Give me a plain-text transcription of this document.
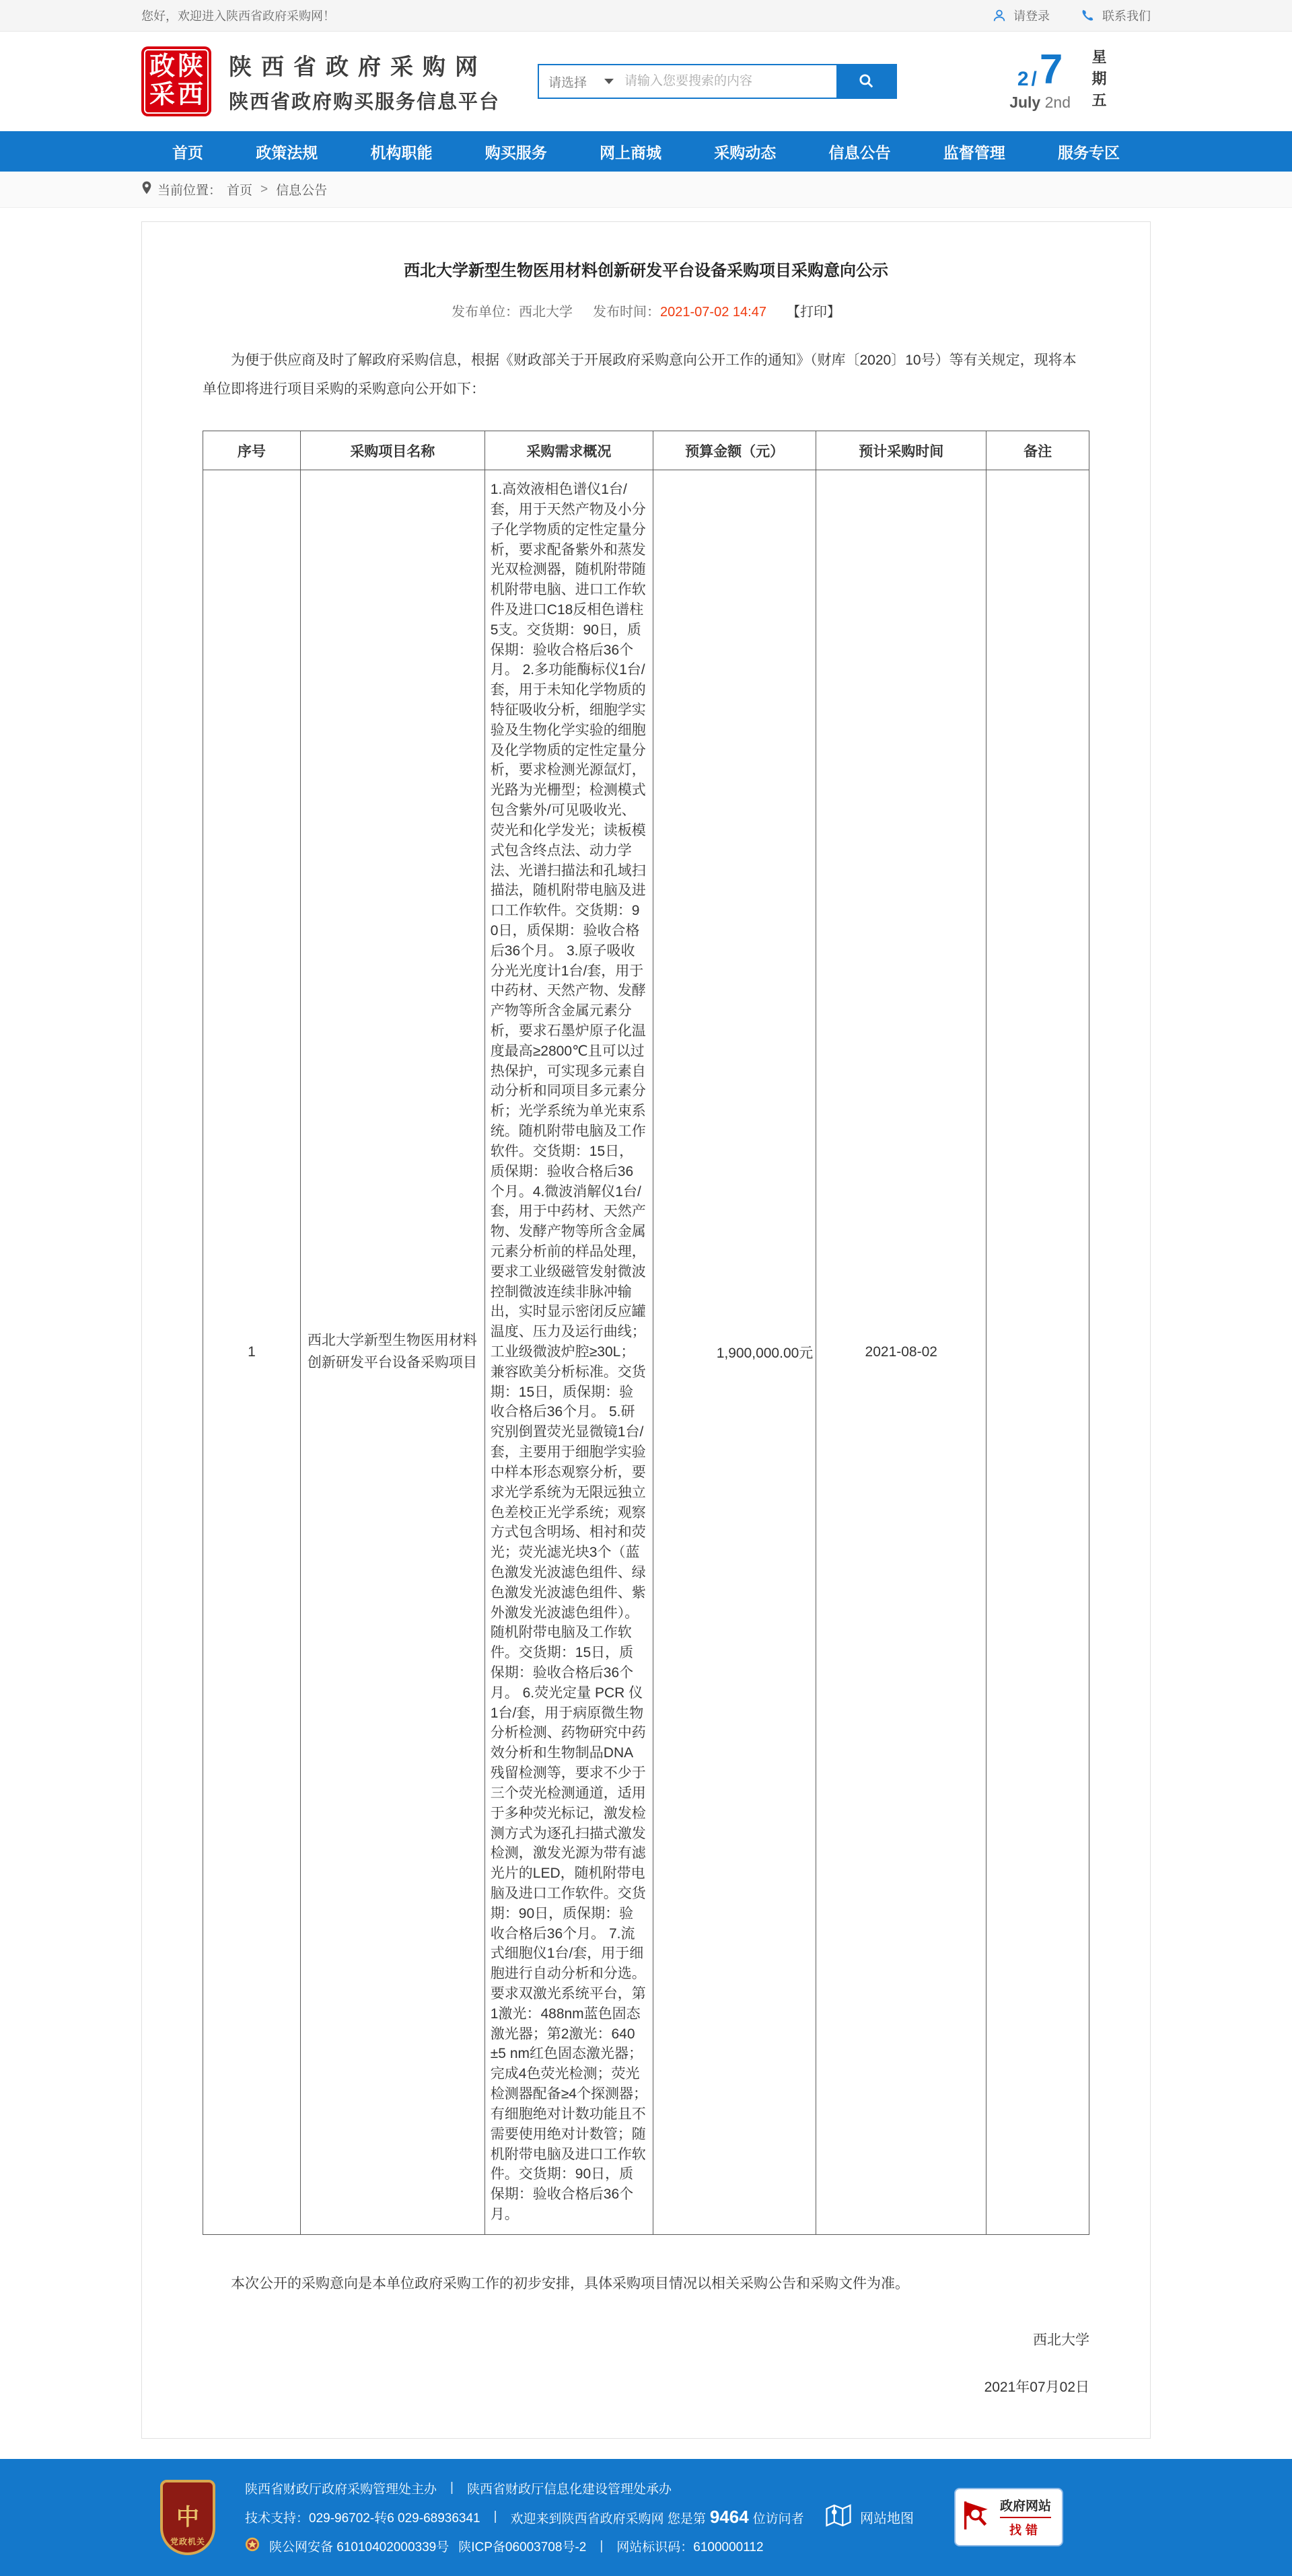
您好，欢迎进入陕西省政府采购网！	请登录	联系我们
政 陕
采 西
陕西省政府采购网
陕西省政府购买服务信息平台
请选择
请输入您要搜索的内容	2 / 7
July 2nd 星期五
首页	政策法规	机构职能	购买服务	网上商城	采购动态	信息公告	监督管理	服务专区
当前位置： 首页 > 信息公告
西北大学新型生物医用材料创新研发平台设备采购项目采购意向公示
发布单位：西北大学 发布时间：2021-07-02 14:47 【打印】

为便于供应商及时了解政府采购信息，根据《财政部关于开展政府采购意向公开工作的通知》（财库〔2020〕10号）等有关规定，现将本单位即将进行项目采购的采购意向公开如下：

序号	采购项目名称	采购需求概况	预算金额（元）	预计采购时间	备注
1	西北大学新型生物医用材料创新研发平台设备采购项目	1.高效液相色谱仪1台/套，用于天然产物及小分子化学物质的定性定量分析，要求配备紫外和蒸发光双检测器，随机附带随机附带电脑、进口工作软件及进口C18反相色谱柱5支。交货期：90日，质保期：验收合格后36个月。 2.多功能酶标仪1台/套，用于未知化学物质的特征吸收分析，细胞学实验及生物化学实验的细胞及化学物质的定性定量分析，要求检测光源氙灯，光路为光栅型；检测模式包含紫外/可见吸收光、荧光和化学发光；读板模式包含终点法、动力学法、光谱扫描法和孔域扫描法，随机附带电脑及进口工作软件。交货期：90日，质保期：验收合格后36个月。 3.原子吸收分光光度计1台/套，用于中药材、天然产物、发酵产物等所含金属元素分析，要求石墨炉原子化温度最高≥2800℃且可以过热保护，可实现多元素自动分析和同项目多元素分析；光学系统为单光束系统。随机附带电脑及工作软件。交货期：15日，质保期：验收合格后36个月。4.微波消解仪1台/套，用于中药材、天然产物、发酵产物等所含金属元素分析前的样品处理，要求工业级磁管发射微波控制微波连续非脉冲输出，实时显示密闭反应罐温度、压力及运行曲线；工业级微波炉腔≥30L；兼容欧美分析标准。交货期：15日，质保期：验收合格后36个月。 5.研究别倒置荧光显微镜1台/套，主要用于细胞学实验中样本形态观察分析，要求光学系统为无限远独立色差校正光学系统；观察方式包含明场、相衬和荧光；荧光滤光块3个（蓝色激发光波滤色组件、绿色激发光波滤色组件、紫外激发光波滤色组件）。随机附带电脑及工作软件。交货期：15日，质保期：验收合格后36个月。 6.荧光定量 PCR 仪1台/套，用于病原微生物分析检测、药物研究中药效分析和生物制品DNA残留检测等，要求不少于三个荧光检测通道，适用于多种荧光标记，激发检测方式为逐孔扫描式激发检测，激发光源为带有滤光片的LED，随机附带电脑及进口工作软件。交货期：90日，质保期：验收合格后36个月。 7.流式细胞仪1台/套，用于细胞进行自动分析和分选。要求双激光系统平台，第1激光：488nm蓝色固态激光器；第2激光：640±5 nm红色固态激光器；完成4色荧光检测；荧光检测器配备≥4个探测器；有细胞绝对计数功能且不需要使用绝对计数管；随机附带电脑及进口工作软件。交货期：90日，质保期：验收合格后36个月。	1,900,000.00元	2021-08-02	

本次公开的采购意向是本单位政府采购工作的初步安排，具体采购项目情况以相关采购公告和采购文件为准。

西北大学
2021年07月02日
中
党政机关
陕西省财政厅政府采购管理处主办 | 陕西省财政厅信息化建设管理处承办
技术支持：029-96702-转6 029-68936341 | 欢迎来到陕西省政府采购网 您是第 9464 位访问者
陕公网安备 61010402000339号 陕ICP备06003708号-2 | 网站标识码：6100000112
网站地图
政府网站
找错
